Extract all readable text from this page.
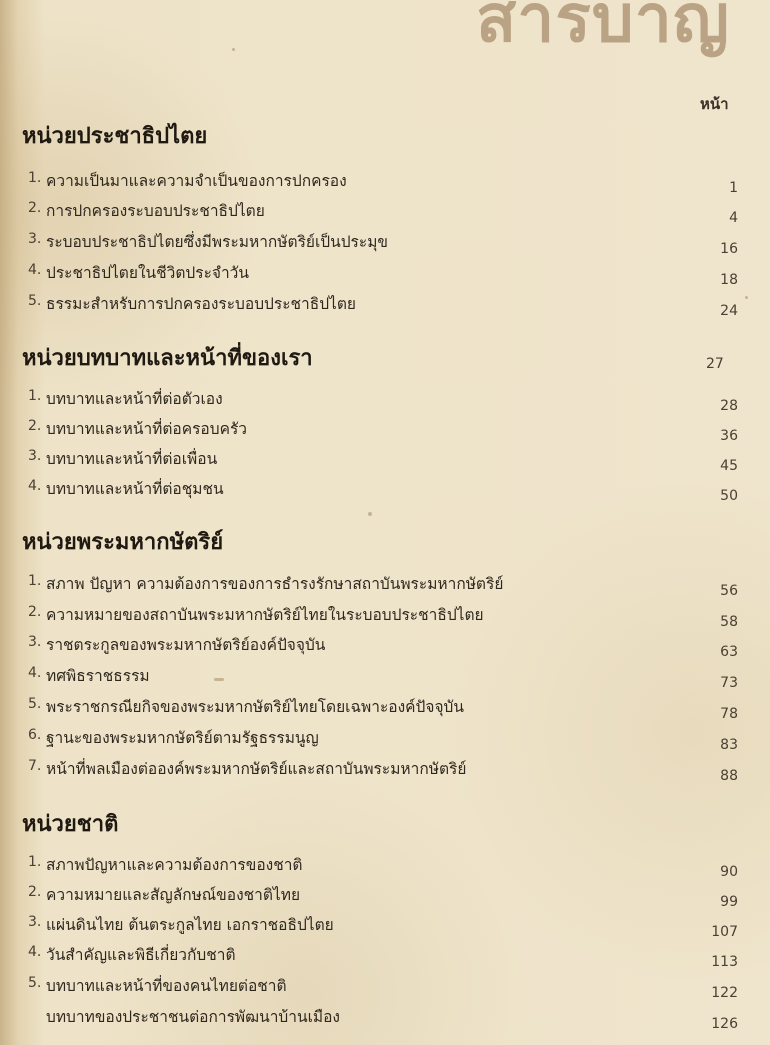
สารบาญ
หน้า
หน่วยประชาธิปไตย
1. ความเป็นมาและความจำเป็นของการปกครอง	1
2. การปกครองระบอบประชาธิปไตย	4
3. ระบอบประชาธิปไตยซึ่งมีพระมหากษัตริย์เป็นประมุข	16
4. ประชาธิปไตยในชีวิตประจำวัน	18
5. ธรรมะสำหรับการปกครองระบอบประชาธิปไตย	24
หน่วยบทบาทและหน้าที่ของเรา	27
1. บทบาทและหน้าที่ต่อตัวเอง	28
2. บทบาทและหน้าที่ต่อครอบครัว	36
3. บทบาทและหน้าที่ต่อเพื่อน	45
4. บทบาทและหน้าที่ต่อชุมชน	50
หน่วยพระมหากษัตริย์
1. สภาพ ปัญหา ความต้องการของการธำรงรักษาสถาบันพระมหากษัตริย์	56
2. ความหมายของสถาบันพระมหากษัตริย์ไทยในระบอบประชาธิปไตย	58
3. ราชตระกูลของพระมหากษัตริย์องค์ปัจจุบัน	63
4. ทศพิธราชธรรม	73
5. พระราชกรณียกิจของพระมหากษัตริย์ไทยโดยเฉพาะองค์ปัจจุบัน	78
6. ฐานะของพระมหากษัตริย์ตามรัฐธรรมนูญ	83
7. หน้าที่พลเมืองต่อองค์พระมหากษัตริย์และสถาบันพระมหากษัตริย์	88
หน่วยชาติ
1. สภาพปัญหาและความต้องการของชาติ	90
2. ความหมายและสัญลักษณ์ของชาติไทย	99
3. แผ่นดินไทย ต้นตระกูลไทย เอกราชอธิปไตย	107
4. วันสำคัญและพิธีเกี่ยวกับชาติ	113
5. บทบาทและหน้าที่ของคนไทยต่อชาติ	122
บทบาทของประชาชนต่อการพัฒนาบ้านเมือง	126
